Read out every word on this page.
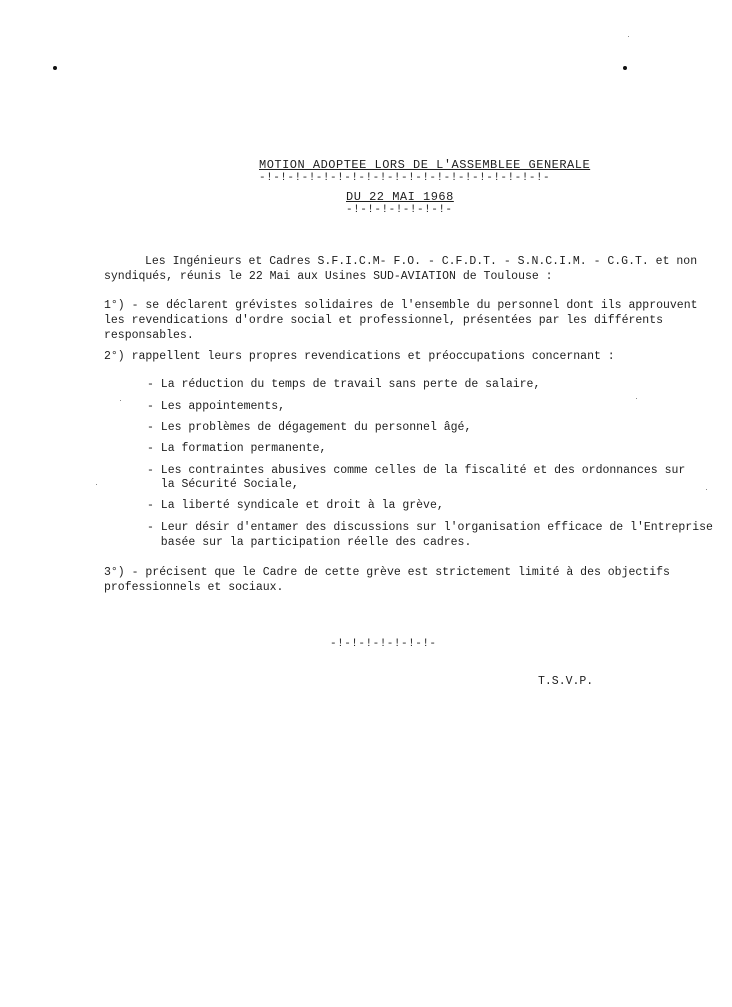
MOTION ADOPTEE LORS DE L'ASSEMBLEE GENERALE
-!-!-!-!-!-!-!-!-!-!-!-!-!-!-!-!-!-!-!-!-
DU 22 MAI 1968
-!-!-!-!-!-!-!-
Les Ingénieurs et Cadres S.F.I.C.M- F.O. - C.F.D.T. - S.N.C.I.M. - C.G.T. et non
syndiqués, réunis le 22 Mai aux Usines SUD-AVIATION de Toulouse :
1°) - se déclarent grévistes solidaires de l'ensemble du personnel dont ils approuvent
les revendications d'ordre social et professionnel, présentées par les différents
responsables.
2°) rappellent leurs propres revendications et préoccupations concernant :
- La réduction du temps de travail sans perte de salaire,
- Les appointements,
- Les problèmes de dégagement du personnel âgé,
- La formation permanente,
- Les contraintes abusives comme celles de la fiscalité et des ordonnances sur
la Sécurité Sociale,
- La liberté syndicale et droit à la grève,
- Leur désir d'entamer des discussions sur l'organisation efficace de l'Entreprise
basée sur la participation réelle des cadres.
3°) - précisent que le Cadre de cette grève est strictement limité à des objectifs
professionnels et sociaux.
-!-!-!-!-!-!-!-
T.S.V.P.
